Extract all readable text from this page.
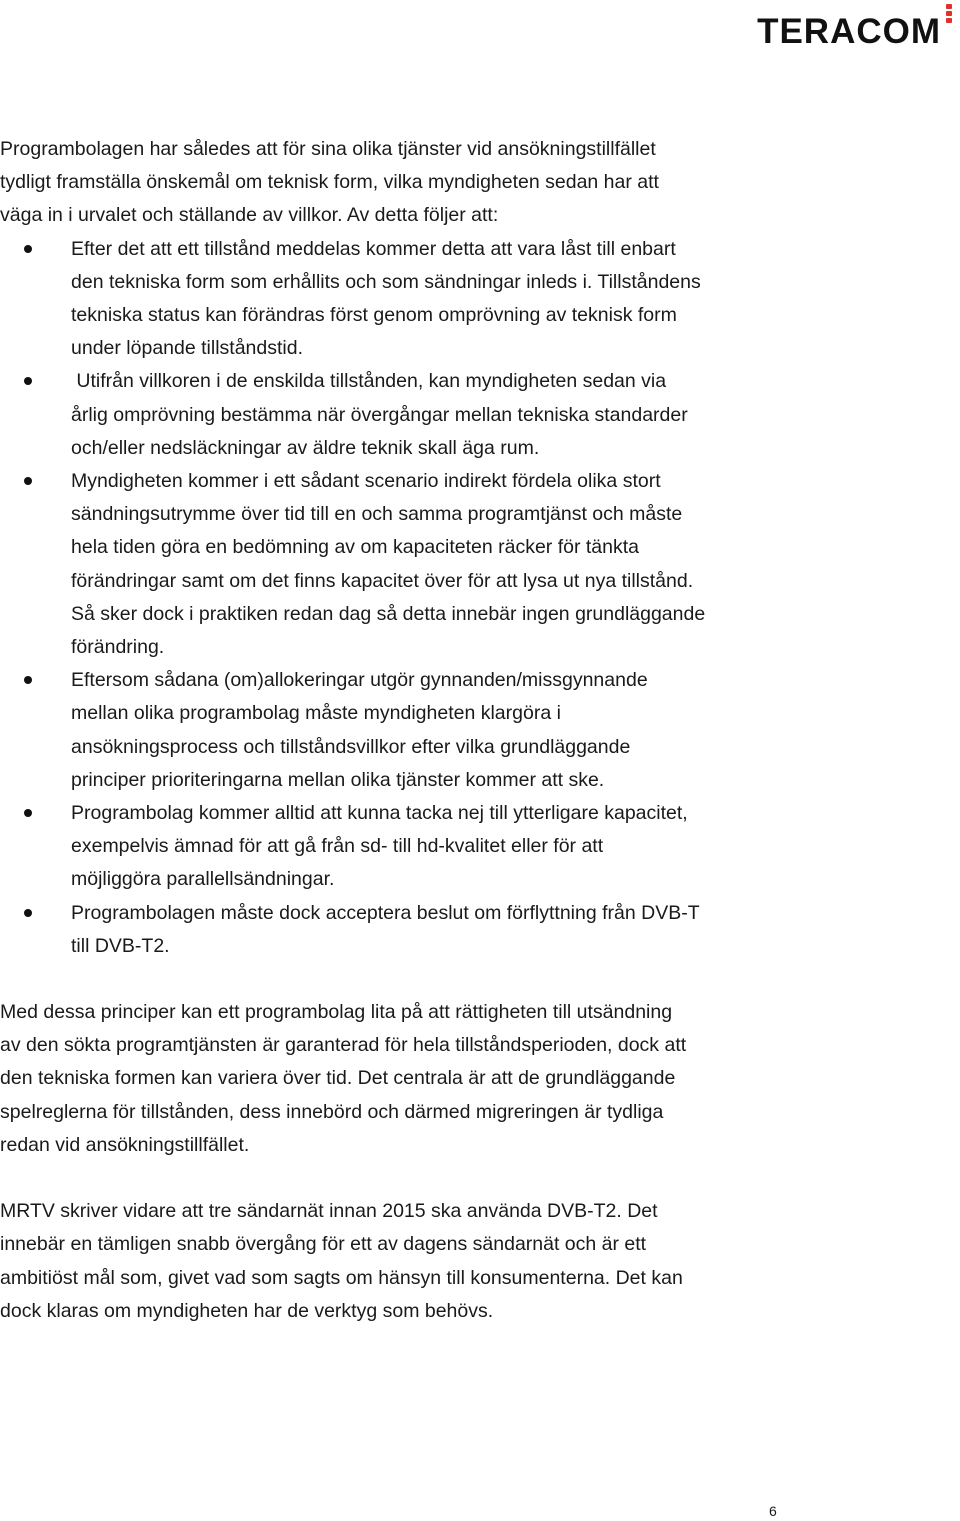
TERACOM

Programbolagen har således att för sina olika tjänster vid ansökningstillfället
tydligt framställa önskemål om teknisk form, vilka myndigheten sedan har att
väga in i urvalet och ställande av villkor. Av detta följer att:

Efter det att ett tillstånd meddelas kommer detta att vara låst till enbart
den tekniska form som erhållits och som sändningar inleds i. Tillståndens
tekniska status kan förändras först genom omprövning av teknisk form
under löpande tillståndstid.
Utifrån villkoren i de enskilda tillstånden, kan myndigheten sedan via
årlig omprövning bestämma när övergångar mellan tekniska standarder
och/eller nedsläckningar av äldre teknik skall äga rum.
Myndigheten kommer i ett sådant scenario indirekt fördela olika stort
sändningsutrymme över tid till en och samma programtjänst och måste
hela tiden göra en bedömning av om kapaciteten räcker för tänkta
förändringar samt om det finns kapacitet över för att lysa ut nya tillstånd.
Så sker dock i praktiken redan dag så detta innebär ingen grundläggande
förändring.
Eftersom sådana (om)allokeringar utgör gynnanden/missgynnande
mellan olika programbolag måste myndigheten klargöra i
ansökningsprocess och tillståndsvillkor efter vilka grundläggande
principer prioriteringarna mellan olika tjänster kommer att ske.
Programbolag kommer alltid att kunna tacka nej till ytterligare kapacitet,
exempelvis ämnad för att gå från sd- till hd-kvalitet eller för att
möjliggöra parallellsändningar.
Programbolagen måste dock acceptera beslut om förflyttning från DVB-T
till DVB-T2.

Med dessa principer kan ett programbolag lita på att rättigheten till utsändning
av den sökta programtjänsten är garanterad för hela tillståndsperioden, dock att
den tekniska formen kan variera över tid. Det centrala är att de grundläggande
spelreglerna för tillstånden, dess innebörd och därmed migreringen är tydliga
redan vid ansökningstillfället.

MRTV skriver vidare att tre sändarnät innan 2015 ska använda DVB-T2. Det
innebär en tämligen snabb övergång för ett av dagens sändarnät och är ett
ambitiöst mål som, givet vad som sagts om hänsyn till konsumenterna. Det kan
dock klaras om myndigheten har de verktyg som behövs.

6
